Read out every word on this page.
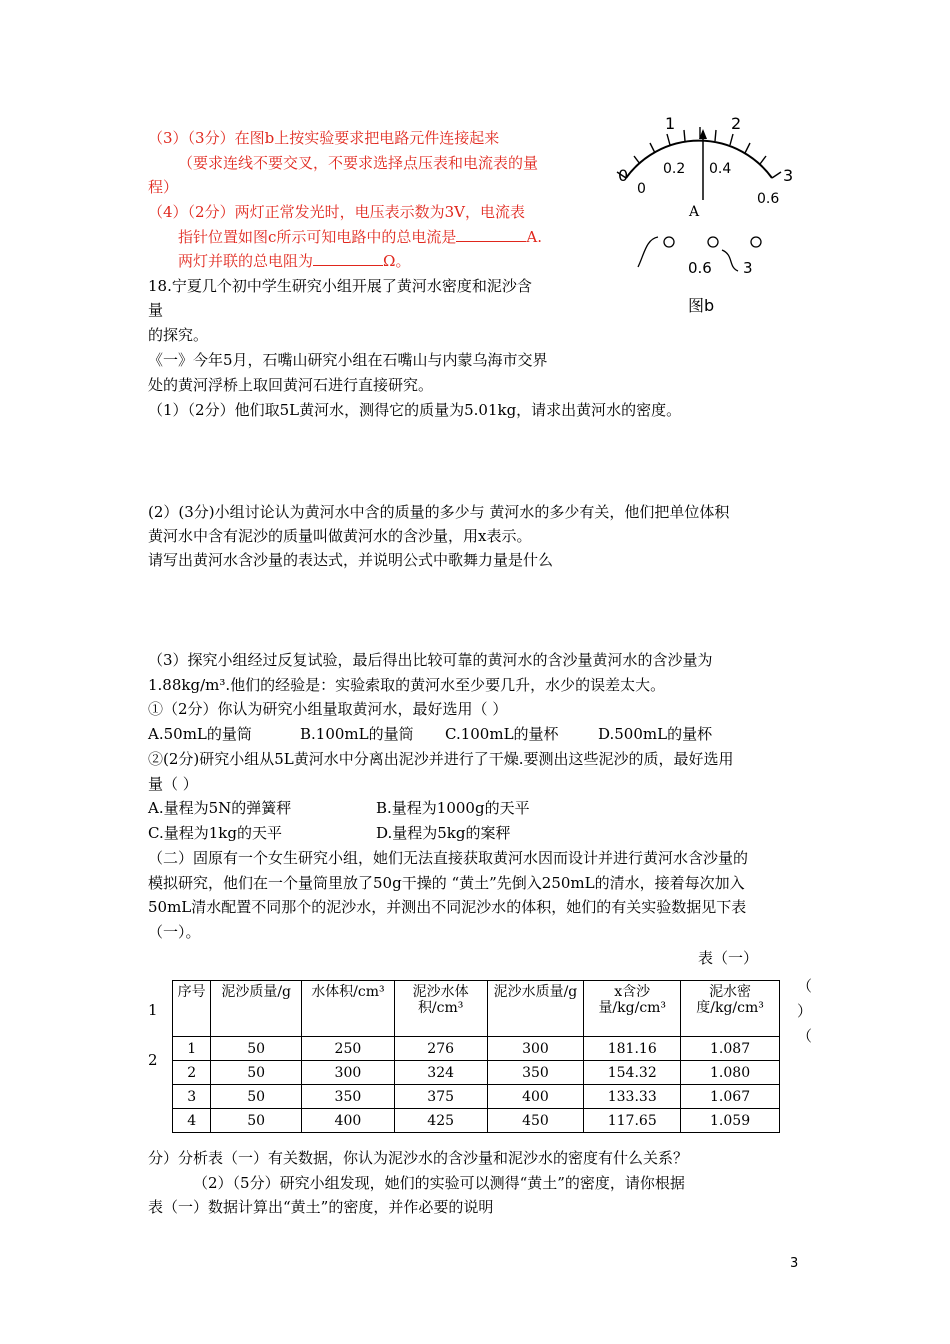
（3）（3分）在图b上按实验要求把电路元件连接起来
（要求连线不要交叉，不要求选择点压表和电流表的量
程）
（4）（2分）两灯正常发光时，电压表示数为3V，电流表
指针位置如图c所示可知电路中的总电流是	A.
两灯并联的总电阻为	Ω。
1	2
0	3
0
0.2 0.4
0.6
A
0.6 3
图b
18.宁夏几个初中学生研究小组开展了黄河水密度和泥沙含
量
的探究。
《一》今年5月，石嘴山研究小组在石嘴山与内蒙乌海市交界
处的黄河浮桥上取回黄河石进行直接研究。
（1）（2分）他们取5L黄河水，测得它的质量为5.01kg，请求出黄河水的密度。
(2）(3分)小组讨论认为黄河水中含的质量的多少与 黄河水的多少有关，他们把单位体积
黄河水中含有泥沙的质量叫做黄河水的含沙量，用x表示。
请写出黄河水含沙量的表达式，并说明公式中歌舞力量是什么
（3）探究小组经过反复试验，最后得出比较可靠的黄河水的含沙量黄河水的含沙量为
1.88kg/m³.他们的经验是：实验索取的黄河水至少要几升，水少的误差太大。
①（2分）你认为研究小组量取黄河水，最好选用（ ）
A.50mL的量筒	B.100mL的量筒 C.100mL的量杯	D.500mL的量杯
②(2分)研究小组从5L黄河水中分离出泥沙并进行了干燥.要测出这些泥沙的质，最好选用
量（ ）
A.量程为5N的弹簧秤	B.量程为1000g的天平
C.量程为1kg的天平	D.量程为5kg的案秤
（二）固原有一个女生研究小组，她们无法直接获取黄河水因而设计并进行黄河水含沙量的
模拟研究，他们在一个量筒里放了50g干操的 “黄土”先倒入250mL的清水，接着每次加入
50mL清水配置不同那个的泥沙水，并测出不同泥沙水的体积，她们的有关实验数据见下表
（一）。
表（一）
1
2
（
）
（
序号	泥沙质量/g	水体积/cm³	泥沙水体积/cm³	泥沙水质量/g	x含沙量/kg/cm³	泥水密度/kg/cm³
1	50	250	276	300	181.16	1.087
2	50	300	324	350	154.32	1.080
3	50	350	375	400	133.33	1.067
4	50	400	425	450	117.65	1.059
分）分析表（一）有关数据，你认为泥沙水的含沙量和泥沙水的密度有什么关系？
（2）（5分）研究小组发现，她们的实验可以测得“黄土”的密度，请你根据
表（一）数据计算出“黄土”的密度，并作必要的说明
3
